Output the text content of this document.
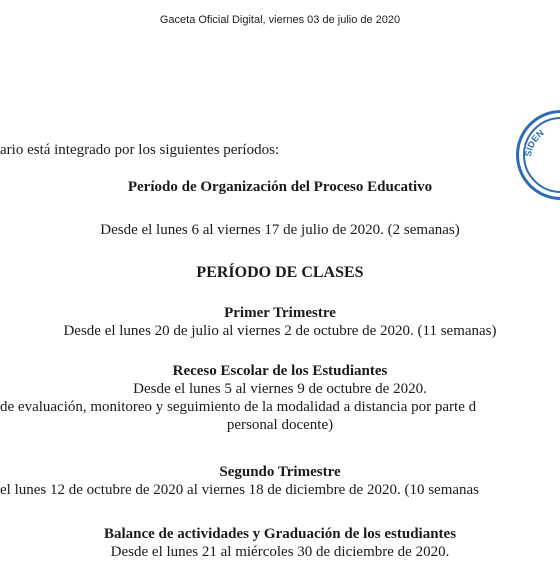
Gaceta Oficial Digital, viernes 03 de julio de 2020
ario está integrado por los siguientes períodos:
Período de Organización del Proceso Educativo
Desde el lunes 6 al viernes 17 de julio de 2020. (2 semanas)
PERÍODO DE CLASES
Primer Trimestre
Desde el lunes 20 de julio al viernes 2 de octubre de 2020. (11 semanas)
Receso Escolar de los Estudiantes
Desde el lunes 5 al viernes 9 de octubre de 2020.
de evaluación, monitoreo y seguimiento de la modalidad a distancia por parte d
personal docente)
Segundo Trimestre
el lunes 12 de octubre de 2020 al viernes 18 de diciembre de 2020. (10 semanas
Balance de actividades y Graduación de los estudiantes
Desde el lunes 21 al miércoles 30 de diciembre de 2020.
SIDEN
